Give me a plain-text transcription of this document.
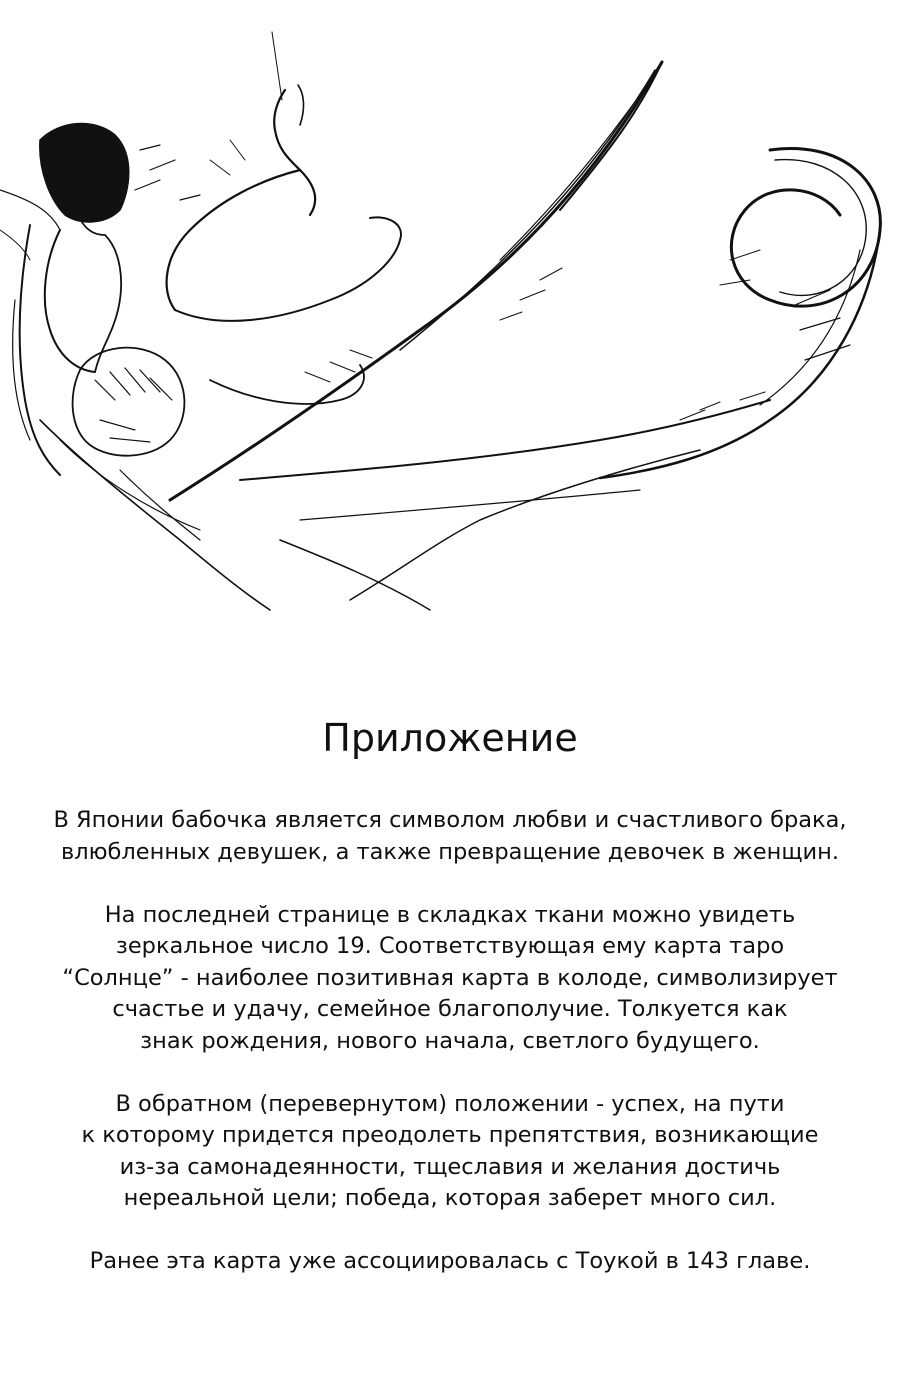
Приложение

В Японии бабочка является символом любви и счастливого брака,
влюбленных девушек, а также превращение девочек в женщин.

На последней странице в складках ткани можно увидеть
зеркальное число 19. Соответствующая ему карта таро
“Солнце” - наиболее позитивная карта в колоде, символизирует
счастье и удачу, семейное благополучие. Толкуется как
знак рождения, нового начала, светлого будущего.

В обратном (перевернутом) положении - успех, на пути
к которому придется преодолеть препятствия, возникающие
из-за самонадеянности, тщеславия и желания достичь
нереальной цели; победа, которая заберет много сил.

Ранее эта карта уже ассоциировалась с Тоукой в 143 главе.
